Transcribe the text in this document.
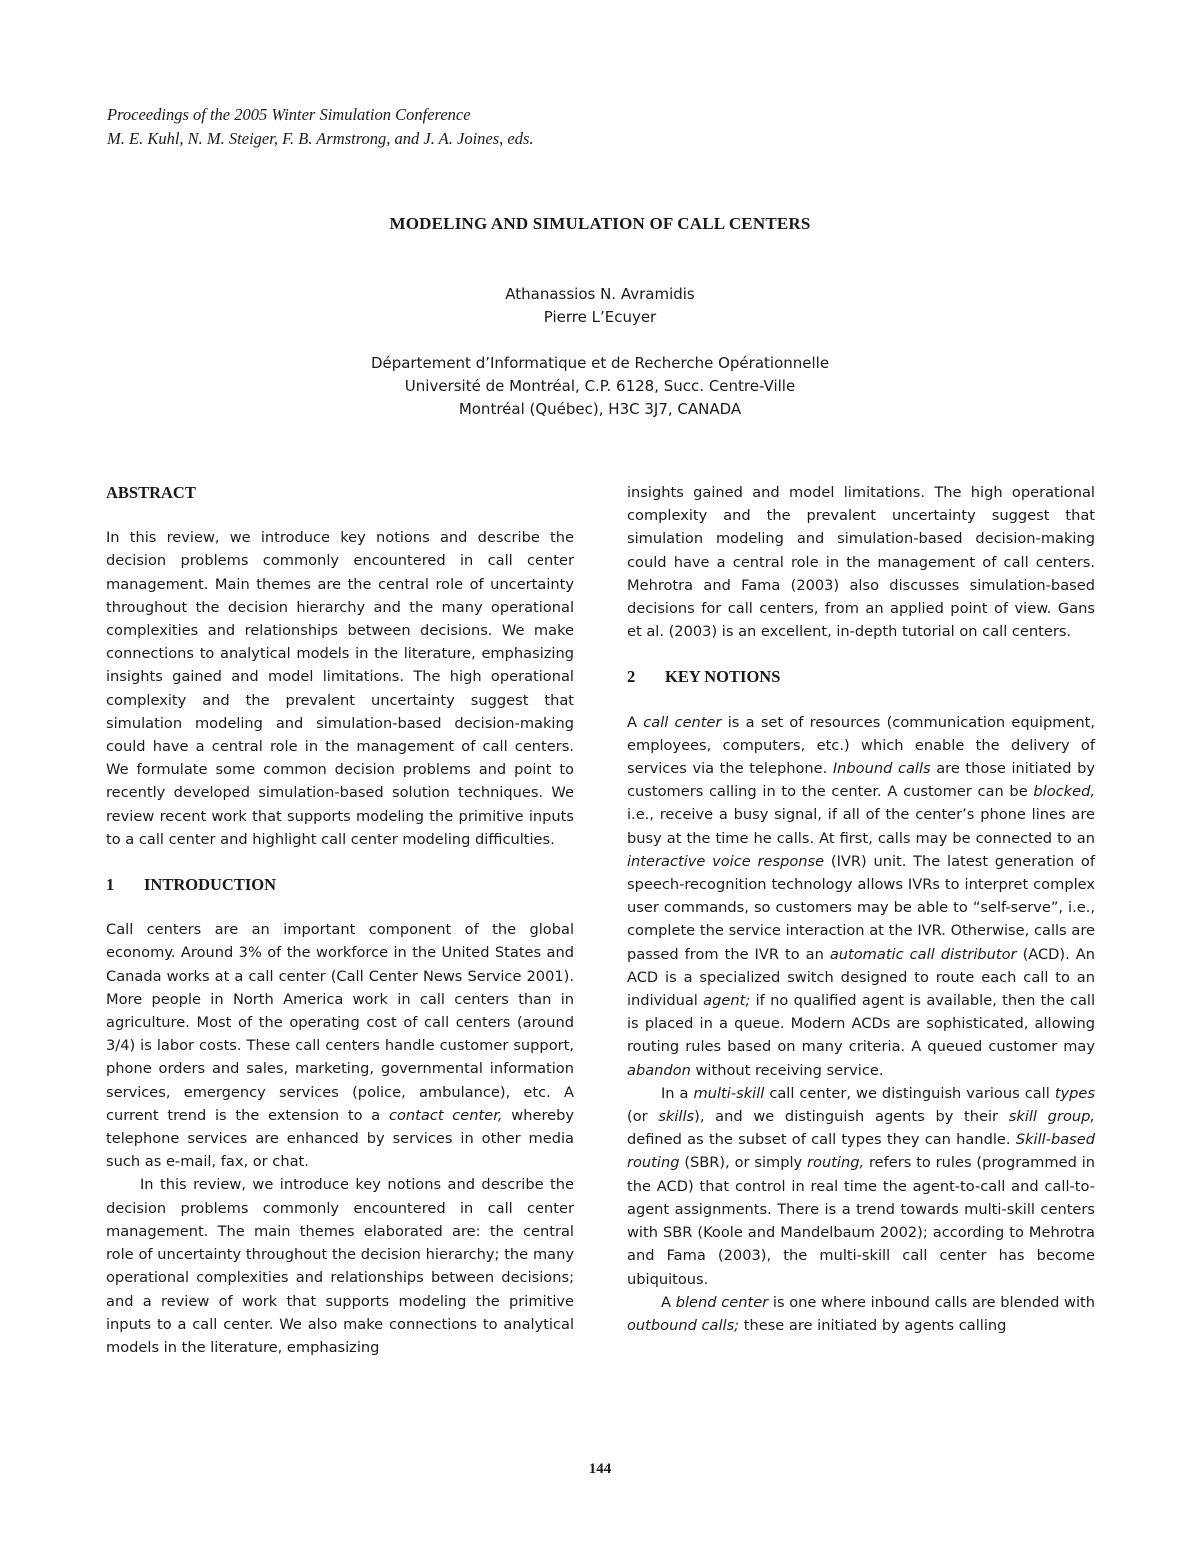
Proceedings of the 2005 Winter Simulation Conference
M. E. Kuhl, N. M. Steiger, F. B. Armstrong, and J. A. Joines, eds.
MODELING AND SIMULATION OF CALL CENTERS
Athanassios N. Avramidis
Pierre L’Ecuyer
Département d’Informatique et de Recherche Opérationnelle
Université de Montréal, C.P. 6128, Succ. Centre-Ville
Montréal (Québec), H3C 3J7, CANADA
ABSTRACT

In this review, we introduce key notions and describe the decision problems commonly encountered in call center management. Main themes are the central role of uncertainty throughout the decision hierarchy and the many operational complexities and relationships between decisions. We make connections to analytical models in the literature, emphasizing insights gained and model limitations. The high operational complexity and the prevalent uncertainty suggest that simulation modeling and simulation-based decision-making could have a central role in the management of call centers. We formulate some common decision problems and point to recently developed simulation-based solution techniques. We review recent work that supports modeling the primitive inputs to a call center and highlight call center modeling difficulties.

1 INTRODUCTION

Call centers are an important component of the global economy. Around 3% of the workforce in the United States and Canada works at a call center (Call Center News Service 2001). More people in North America work in call centers than in agriculture. Most of the operating cost of call centers (around 3/4) is labor costs. These call centers handle customer support, phone orders and sales, marketing, governmental information services, emergency services (police, ambulance), etc. A current trend is the extension to a contact center, whereby telephone services are enhanced by services in other media such as e-mail, fax, or chat.

In this review, we introduce key notions and describe the decision problems commonly encountered in call center management. The main themes elaborated are: the central role of uncertainty throughout the decision hierarchy; the many operational complexities and relationships between decisions; and a review of work that supports modeling the primitive inputs to a call center. We also make connections to analytical models in the literature, emphasizing

insights gained and model limitations. The high operational complexity and the prevalent uncertainty suggest that simulation modeling and simulation-based decision-making could have a central role in the management of call centers. Mehrotra and Fama (2003) also discusses simulation-based decisions for call centers, from an applied point of view. Gans et al. (2003) is an excellent, in-depth tutorial on call centers.

2 KEY NOTIONS

A call center is a set of resources (communication equipment, employees, computers, etc.) which enable the delivery of services via the telephone. Inbound calls are those initiated by customers calling in to the center. A customer can be blocked, i.e., receive a busy signal, if all of the center’s phone lines are busy at the time he calls. At first, calls may be connected to an interactive voice response (IVR) unit. The latest generation of speech-recognition technology allows IVRs to interpret complex user commands, so customers may be able to “self-serve”, i.e., complete the service interaction at the IVR. Otherwise, calls are passed from the IVR to an automatic call distributor (ACD). An ACD is a specialized switch designed to route each call to an individual agent; if no qualified agent is available, then the call is placed in a queue. Modern ACDs are sophisticated, allowing routing rules based on many criteria. A queued customer may abandon without receiving service.

In a multi-skill call center, we distinguish various call types (or skills), and we distinguish agents by their skill group, defined as the subset of call types they can handle. Skill-based routing (SBR), or simply routing, refers to rules (programmed in the ACD) that control in real time the agent-to-call and call-to-agent assignments. There is a trend towards multi-skill centers with SBR (Koole and Mandelbaum 2002); according to Mehrotra and Fama (2003), the multi-skill call center has become ubiquitous.

A blend center is one where inbound calls are blended with outbound calls; these are initiated by agents calling

144
